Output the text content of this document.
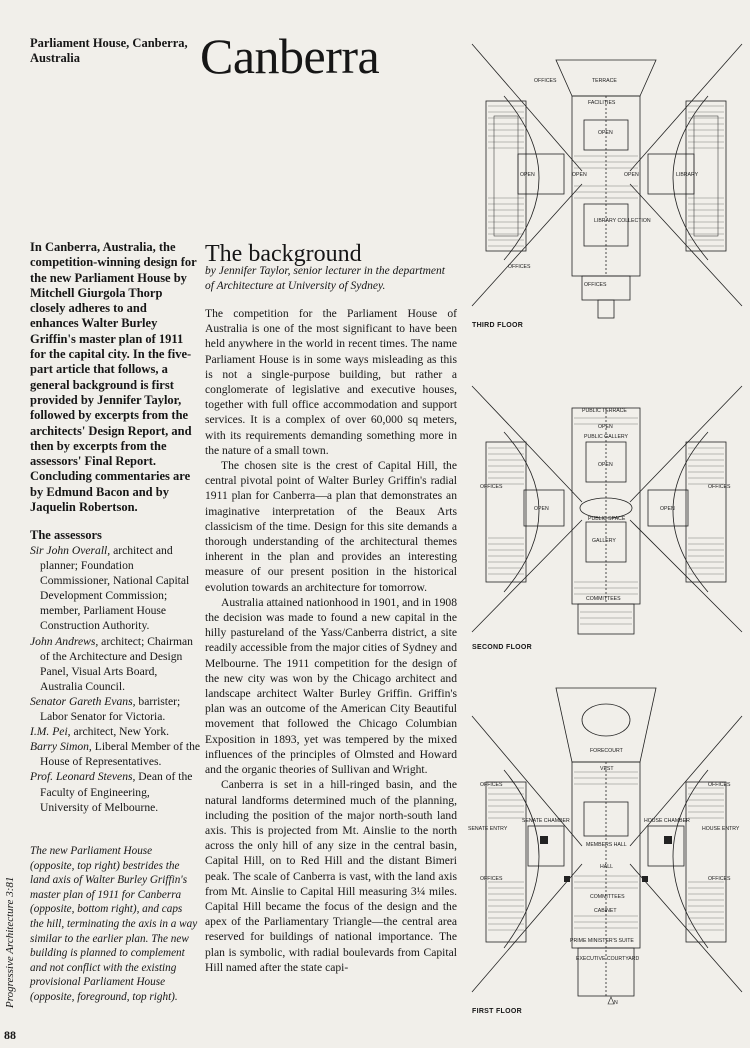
Parliament House, Canberra, Australia	Canberra

In Canberra, Australia, the competition-winning design for the new Parliament House by Mitchell Giurgola Thorp closely adheres to and enhances Walter Burley Griffin's master plan of 1911 for the capital city. In the five-part article that follows, a general background is first provided by Jennifer Taylor, followed by excerpts from the architects' Design Report, and then by excerpts from the assessors' Final Report. Concluding commentaries are by Edmund Bacon and by Jaquelin Robertson.

The background
by Jennifer Taylor, senior lecturer in the department of Architecture at University of Sydney.

The competition for the Parliament House of Australia is one of the most significant to have been held anywhere in the world in recent times. The name Parliament House is in some ways misleading as this is not a single-purpose building, but rather a conglomerate of legislative and executive houses, together with full office accommodation and support services. It is a complex of over 60,000 sq meters, with its requirements demanding something more in the nature of a small town.

The chosen site is the crest of Capital Hill, the central pivotal point of Walter Burley Griffin's radial 1911 plan for Canberra—a plan that demonstrates an imaginative interpretation of the Beaux Arts classicism of the time. Design for this site demands a thorough understanding of the architectural themes inherent in the plan and provides an interesting measure of our present position in the historical evolution towards an architecture for tomorrow.

Australia attained nationhood in 1901, and in 1908 the decision was made to found a new capital in the hilly pastureland of the Yass/Canberra district, a site readily accessible from the major cities of Sydney and Melbourne. The 1911 competition for the design of the new city was won by the Chicago architect and landscape architect Walter Burley Griffin. Griffin's plan was an outcome of the American City Beautiful movement that followed the Chicago Columbian Exposition in 1893, yet was tempered by the mixed influences of the principles of Olmsted and Howard and the organic theories of Sullivan and Wright.

Canberra is set in a hill-ringed basin, and the natural landforms determined much of the planning, including the position of the major north-south land axis. This is projected from Mt. Ainslie to the north across the only hill of any size in the central basin, Capital Hill, on to Red Hill and the distant Bimeri peak. The scale of Canberra is vast, with the land axis from Mt. Ainslie to Capital Hill measuring 3¼ miles. Capital Hill became the focus of the design and the apex of the Parliamentary Triangle—the central area reserved for buildings of national importance. The plan is symbolic, with radial boulevards from Capital Hill named after the state capi-

The assessors

Sir John Overall, architect and planner; Foundation Commissioner, National Capital Development Commission; member, Parliament House Construction Authority.

John Andrews, architect; Chairman of the Architecture and Design Panel, Visual Arts Board, Australia Council.

Senator Gareth Evans, barrister; Labor Senator for Victoria.

I.M. Pei, architect, New York.

Barry Simon, Liberal Member of the House of Representatives.

Prof. Leonard Stevens, Dean of the Faculty of Engineering, University of Melbourne.

The new Parliament House (opposite, top right) bestrides the land axis of Walter Burley Griffin's master plan of 1911 for Canberra (opposite, bottom right), and caps the hill, terminating the axis in a way similar to the earlier plan. The new building is planned to complement and not conflict with the existing provisional Parliament House (opposite, foreground, top right).
Progressive Architecture 3:81
88
TERRACE
OFFICES
FACILITIES
OPEN
OPEN	OPEN	OPEN	LIBRARY
LIBRARY COLLECTION
OFFICES
OFFICES
THIRD FLOOR
PUBLIC TERRACE
OPEN
PUBLIC GALLERY
OPEN
OFFICES	OFFICES
OPEN	OPEN
PUBLIC SPACE
GALLERY
COMMITTEES
SECOND FLOOR
FORECOURT
VEST
OFFICES	OFFICES
SENATE ENTRY
SENATE CHAMBER	HOUSE CHAMBER
HOUSE ENTRY
MEMBERS HALL
HALL
COMMITTEES
CABINET
PRIME MINISTER'S SUITE
EXECUTIVE COURTYARD
OFFICES	OFFICES
N
FIRST FLOOR
